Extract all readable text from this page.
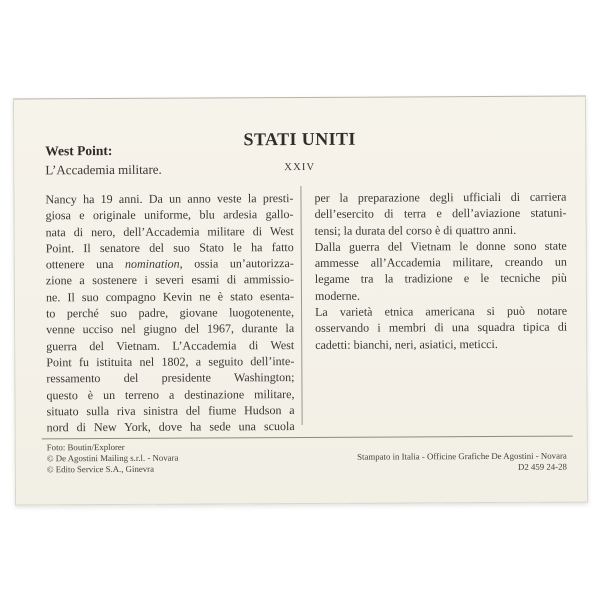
STATI UNITI
XXIV
West Point:
L’Accademia militare.
Nancy ha 19 anni. Da un anno veste la presti-
giosa e originale uniforme, blu ardesia gallo-
nata di nero, dell’Accademia militare di West
Point. Il senatore del suo Stato le ha fatto
ottenere una nomination, ossia un’autorizza-
zione a sostenere i severi esami di ammissio-
ne. Il suo compagno Kevin ne è stato esenta-
to perché suo padre, giovane luogotenente,
venne ucciso nel giugno del 1967, durante la
guerra del Vietnam. L’Accademia di West
Point fu istituita nel 1802, a seguito dell’inte-
ressamento del presidente Washington;
questo è un terreno a destinazione militare,
situato sulla riva sinistra del fiume Hudson a
nord di New York, dove ha sede una scuola
per la preparazione degli ufficiali di carriera
dell’esercito di terra e dell’aviazione statuni-
tensi; la durata del corso è di quattro anni.
Dalla guerra del Vietnam le donne sono state
ammesse all’Accademia militare, creando un
legame tra la tradizione e le tecniche più
moderne.
La varietà etnica americana si può notare
osservando i membri di una squadra tipica di
cadetti: bianchi, neri, asiatici, meticci.
Foto: Boutin/Explorer
© De Agostini Mailing s.r.l. - Novara
© Edito Service S.A., Ginevra
Stampato in Italia - Officine Grafiche De Agostini - Novara
D2 459 24-28
